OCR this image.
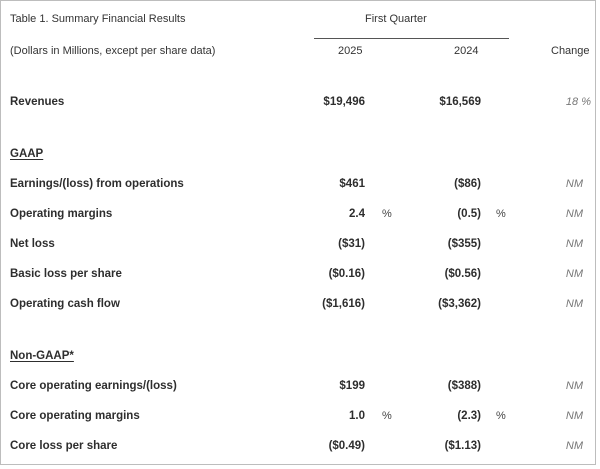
Table 1. Summary Financial Results	First Quarter
(Dollars in Millions, except per share data)	2025	2024	Change
Revenues	$19,496	$16,569	18 %
GAAP
Earnings/(loss) from operations	$461	($86)	NM
Operating margins	2.4 %	(0.5) %	NM
Net loss	($31)	($355)	NM
Basic loss per share	($0.16)	($0.56)	NM
Operating cash flow	($1,616)	($3,362)	NM
Non-GAAP*
Core operating earnings/(loss)	$199	($388)	NM
Core operating margins	1.0 %	(2.3) %	NM
Core loss per share	($0.49)	($1.13)	NM
